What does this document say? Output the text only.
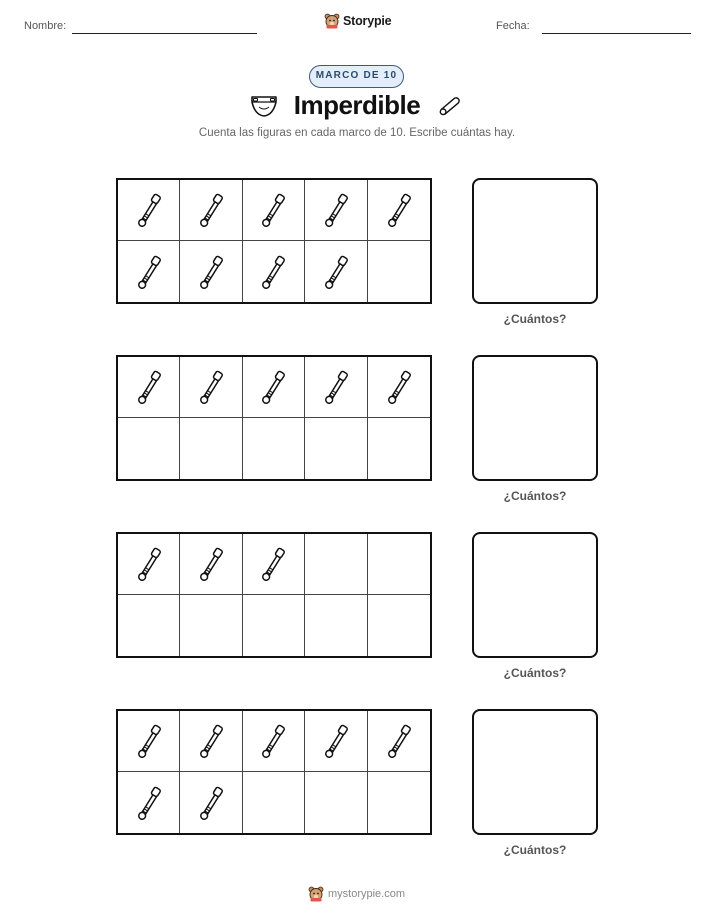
Nombre:	Storypie	Fecha:
MARCO DE 10
Imperdible
Cuenta las figuras en cada marco de 10. Escribe cuántas hay.
¿Cuántos?
¿Cuántos?
¿Cuántos?
¿Cuántos?
mystorypie.com
